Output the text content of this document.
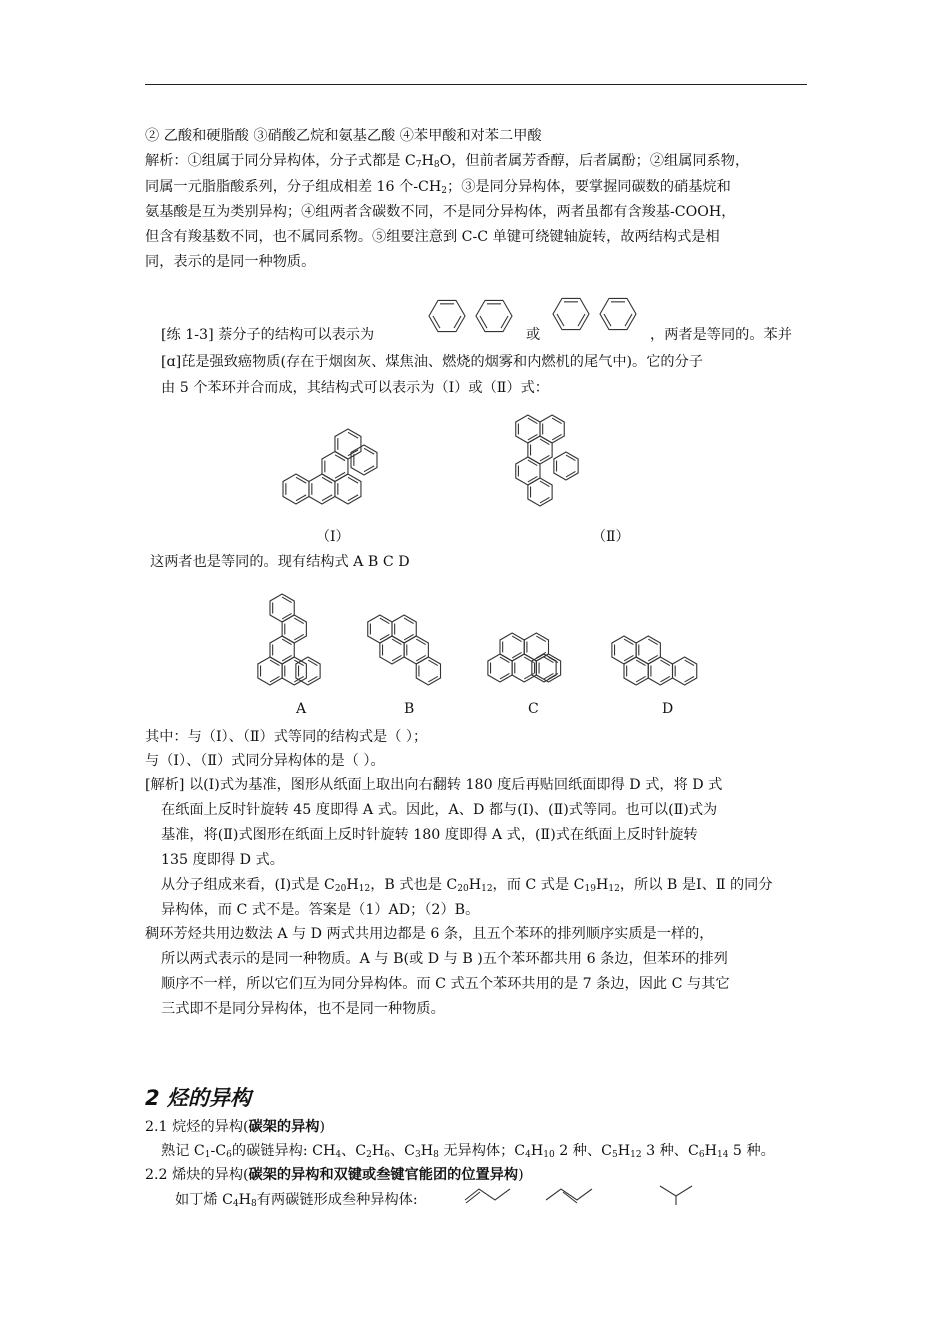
② 乙酸和硬脂酸 ③硝酸乙烷和氨基乙酸 ④苯甲酸和对苯二甲酸
解析：①组属于同分异构体，分子式都是 $C_7H_8O$，但前者属芳香醇，后者属酚；②组属同系物，
同属一元脂脂酸系列，分子组成相差 16 个$-CH_2$；③是同分异构体，要掌握同碳数的硝基烷和
氨基酸是互为类别异构；④组两者含碳数不同，不是同分异构体，两者虽都有含羧基-COOH，
但含有羧基数不同，也不属同系物。⑤组要注意到 C-C 单键可绕键轴旋转，故两结构式是相
同，表示的是同一种物质。
[练 1-3] 萘分子的结构可以表示为	或	，两者是等同的。苯并
[ɑ]芘是强致癌物质(存在于烟囱灰、煤焦油、燃烧的烟雾和内燃机的尾气中)。它的分子
由 5 个苯环并合而成，其结构式可以表示为（Ⅰ）或（Ⅱ）式：
（Ⅰ）	（Ⅱ）
这两者也是等同的。现有结构式 A B C D
A	B	C	D
其中：与（Ⅰ）、（Ⅱ）式等同的结构式是（ ）；
与（Ⅰ）、（Ⅱ）式同分异构体的是（ ）。
[解析] 以(Ⅰ)式为基准，图形从纸面上取出向右翻转 180 度后再贴回纸面即得 D 式，将 D 式
在纸面上反时针旋转 45 度即得 A 式。因此，A、D 都与(Ⅰ)、(Ⅱ)式等同。也可以(Ⅱ)式为
基准，将(Ⅱ)式图形在纸面上反时针旋转 180 度即得 A 式，(Ⅱ)式在纸面上反时针旋转
135 度即得 D 式。
从分子组成来看，(Ⅰ)式是 $C_{20}H_{12}$，B 式也是 $C_{20}H_{12}$，而 C 式是 $C_{19}H_{12}$，所以 B 是Ⅰ、Ⅱ 的同分
异构体，而 C 式不是。答案是（1）AD；（2）B。
稠环芳烃共用边数法 A 与 D 两式共用边都是 6 条，且五个苯环的排列顺序实质是一样的，
所以两式表示的是同一种物质。A 与 B(或 D 与 B )五个苯环都共用 6 条边，但苯环的排列
顺序不一样，所以它们互为同分异构体。而 C 式五个苯环共用的是 7 条边，因此 C 与其它
三式即不是同分异构体，也不是同一种物质。
2 烃的异构
2.1 烷烃的异构(碳架的异构)
熟记 $C_1-C_6$的碳链异构: $CH_4$、$C_2H_6$、$C_3H_8$ 无异构体；$C_4H_{10}$ 2 种、$C_5H_{12}$ 3 种、$C_6H_{14}$ 5 种。
2.2 烯炔的异构(碳架的异构和双键或叁键官能团的位置异构)
如丁烯 $C_4H_8$有两碳链形成叁种异构体:
